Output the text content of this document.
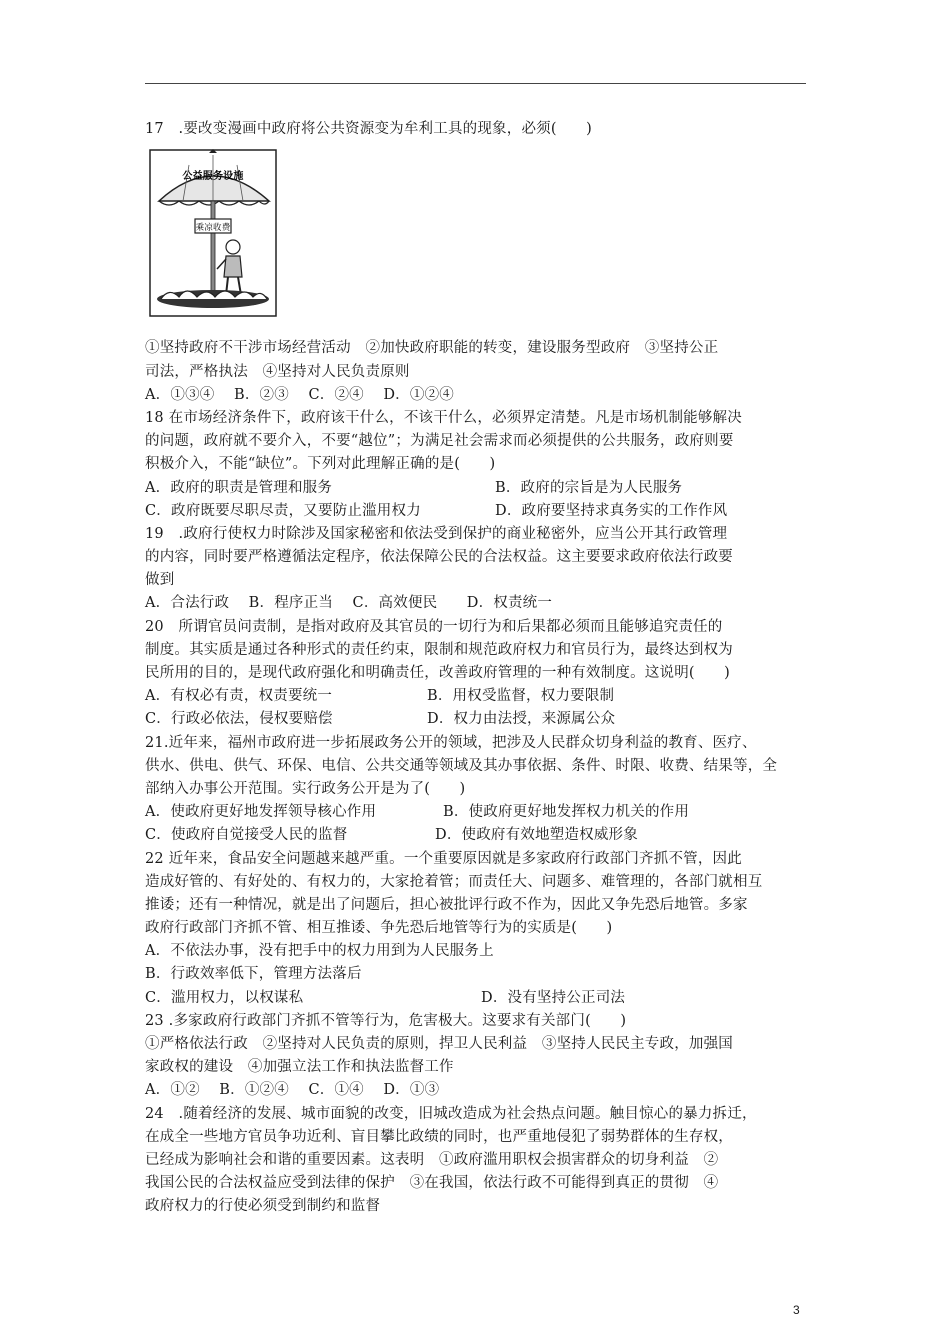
17　.要改变漫画中政府将公共资源变为牟利工具的现象，必须(　　)
公益服务设施
乘凉收费
①坚持政府不干涉市场经营活动　②加快政府职能的转变，建设服务型政府　③坚持公正
司法，严格执法　④坚持对人民负责原则
A．①③④　 B．②③　 C．②④　 D．①②④
18 在市场经济条件下，政府该干什么，不该干什么，必须界定清楚。凡是市场机制能够解决
的问题，政府就不要介入，不要“越位”；为满足社会需求而必须提供的公共服务，政府则要
积极介入，不能“缺位”。下列对此理解正确的是(　　)
A．政府的职责是管理和服务	B．政府的宗旨是为人民服务
C．政府既要尽职尽责，又要防止滥用权力	D．政府要坚持求真务实的工作作风
19　.政府行使权力时除涉及国家秘密和依法受到保护的商业秘密外，应当公开其行政管理
的内容，同时要严格遵循法定程序，依法保障公民的合法权益。这主要要求政府依法行政要
做到
A．合法行政　 B．程序正当　 C．高效便民　　D．权责统一
20　所谓官员问责制，是指对政府及其官员的一切行为和后果都必须而且能够追究责任的
制度。其实质是通过各种形式的责任约束，限制和规范政府权力和官员行为，最终达到权为
民所用的目的，是现代政府强化和明确责任，改善政府管理的一种有效制度。这说明(　　)
A．有权必有责，权责要统一	B．用权受监督，权力要限制
C．行政必依法，侵权要赔偿	D．权力由法授，来源属公众
21.近年来，福州市政府进一步拓展政务公开的领域，把涉及人民群众切身利益的教育、医疗、
供水、供电、供气、环保、电信、公共交通等领域及其办事依据、条件、时限、收费、结果等，全
部纳入办事公开范围。实行政务公开是为了(　　)
A．使政府更好地发挥领导核心作用	B．使政府更好地发挥权力机关的作用
C．使政府自觉接受人民的监督	D．使政府有效地塑造权威形象
22 近年来，食品安全问题越来越严重。一个重要原因就是多家政府行政部门齐抓不管，因此
造成好管的、有好处的、有权力的，大家抢着管；而责任大、问题多、难管理的，各部门就相互
推诿；还有一种情况，就是出了问题后，担心被批评行政不作为，因此又争先恐后地管。多家
政府行政部门齐抓不管、相互推诿、争先恐后地管等行为的实质是(　　)
A．不依法办事，没有把手中的权力用到为人民服务上
B．行政效率低下，管理方法落后
C．滥用权力，以权谋私	D．没有坚持公正司法
23 .多家政府行政部门齐抓不管等行为，危害极大。这要求有关部门(　　)
①严格依法行政　②坚持对人民负责的原则，捍卫人民利益　③坚持人民民主专政，加强国
家政权的建设　④加强立法工作和执法监督工作
A．①②　 B．①②④　 C．①④　 D．①③
24　.随着经济的发展、城市面貌的改变，旧城改造成为社会热点问题。触目惊心的暴力拆迁，
在成全一些地方官员争功近利、盲目攀比政绩的同时，也严重地侵犯了弱势群体的生存权，
已经成为影响社会和谐的重要因素。这表明　①政府滥用职权会损害群众的切身利益　②
我国公民的合法权益应受到法律的保护　③在我国，依法行政不可能得到真正的贯彻　④
政府权力的行使必须受到制约和监督
3
